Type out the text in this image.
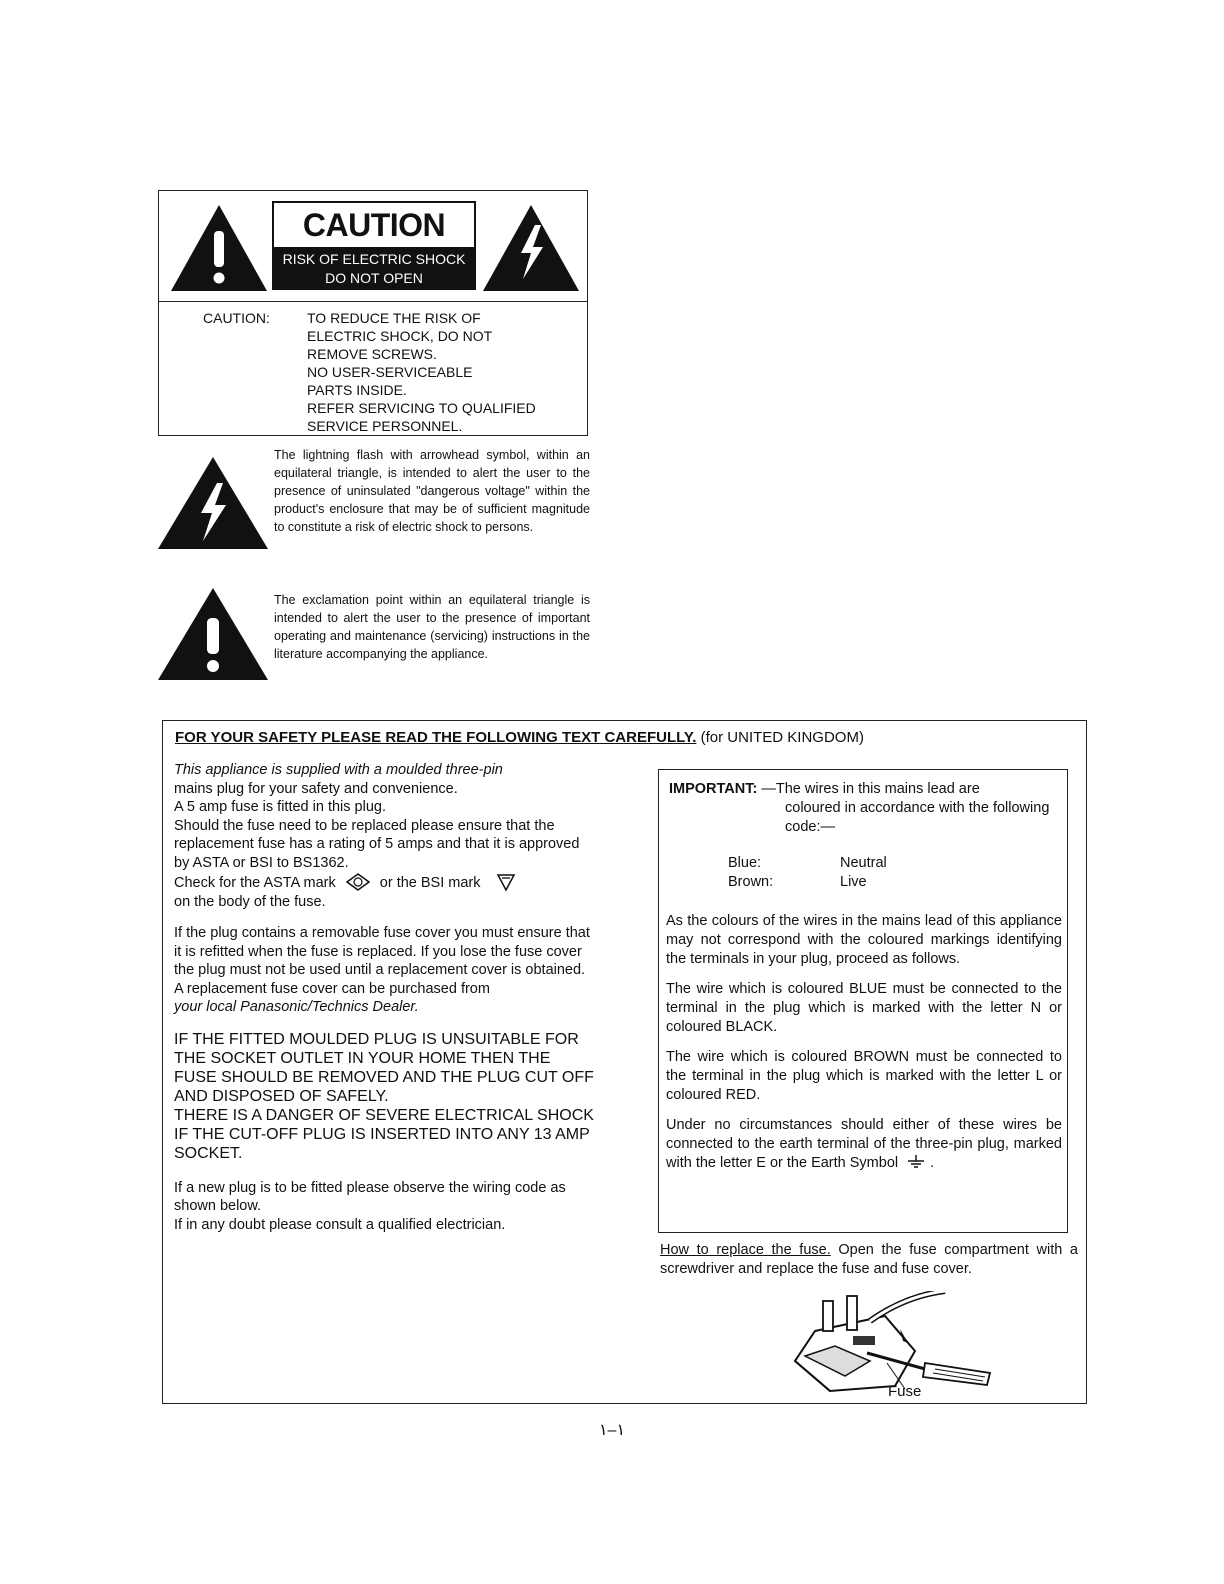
CAUTION
RISK OF ELECTRIC SHOCK
DO NOT OPEN
CAUTION:	TO REDUCE THE RISK OF
ELECTRIC SHOCK, DO NOT
REMOVE SCREWS.
NO USER-SERVICEABLE
PARTS INSIDE.
REFER SERVICING TO QUALIFIED
SERVICE PERSONNEL.
The lightning flash with arrowhead symbol, within an equilateral triangle, is intended to alert the user to the presence of uninsulated "dangerous voltage" within the product's enclosure that may be of sufficient magnitude to constitute a risk of electric shock to persons.
The exclamation point within an equilateral triangle is intended to alert the user to the presence of important operating and maintenance (servicing) instructions in the literature accompanying the appliance.
FOR YOUR SAFETY PLEASE READ THE FOLLOWING TEXT CAREFULLY. (for UNITED KINGDOM)

This appliance is supplied with a moulded three-pin
mains plug for your safety and convenience.
A 5 amp fuse is fitted in this plug.
Should the fuse need to be replaced please ensure that the replacement fuse has a rating of 5 amps and that it is approved by ASTA or BSI to BS1362.
Check for the ASTA mark	or the BSI mark
on the body of the fuse.

If the plug contains a removable fuse cover you must ensure that it is refitted when the fuse is replaced. If you lose the fuse cover the plug must not be used until a replacement cover is obtained.
A replacement fuse cover can be purchased from
your local Panasonic/Technics Dealer.

IF THE FITTED MOULDED PLUG IS UNSUITABLE FOR THE SOCKET OUTLET IN YOUR HOME THEN THE FUSE SHOULD BE REMOVED AND THE PLUG CUT OFF AND DISPOSED OF SAFELY.
THERE IS A DANGER OF SEVERE ELECTRICAL SHOCK IF THE CUT-OFF PLUG IS INSERTED INTO ANY 13 AMP SOCKET.

If a new plug is to be fitted please observe the wiring code as shown below.
If in any doubt please consult a qualified electrician.

IMPORTANT: —The wires in this mains lead are
coloured in accordance with the following code:—
Blue:	Neutral
Brown:	Live

As the colours of the wires in the mains lead of this appliance may not correspond with the coloured markings identifying the terminals in your plug, proceed as follows.

The wire which is coloured BLUE must be connected to the terminal in the plug which is marked with the letter N or coloured BLACK.

The wire which is coloured BROWN must be connected to the terminal in the plug which is marked with the letter L or coloured RED.

Under no circumstances should either of these wires be connected to the earth terminal of the three-pin plug, marked with the letter E or the Earth Symbol  .

How to replace the fuse. Open the fuse compartment with a screwdriver and replace the fuse and fuse cover.
Fuse
١–١
